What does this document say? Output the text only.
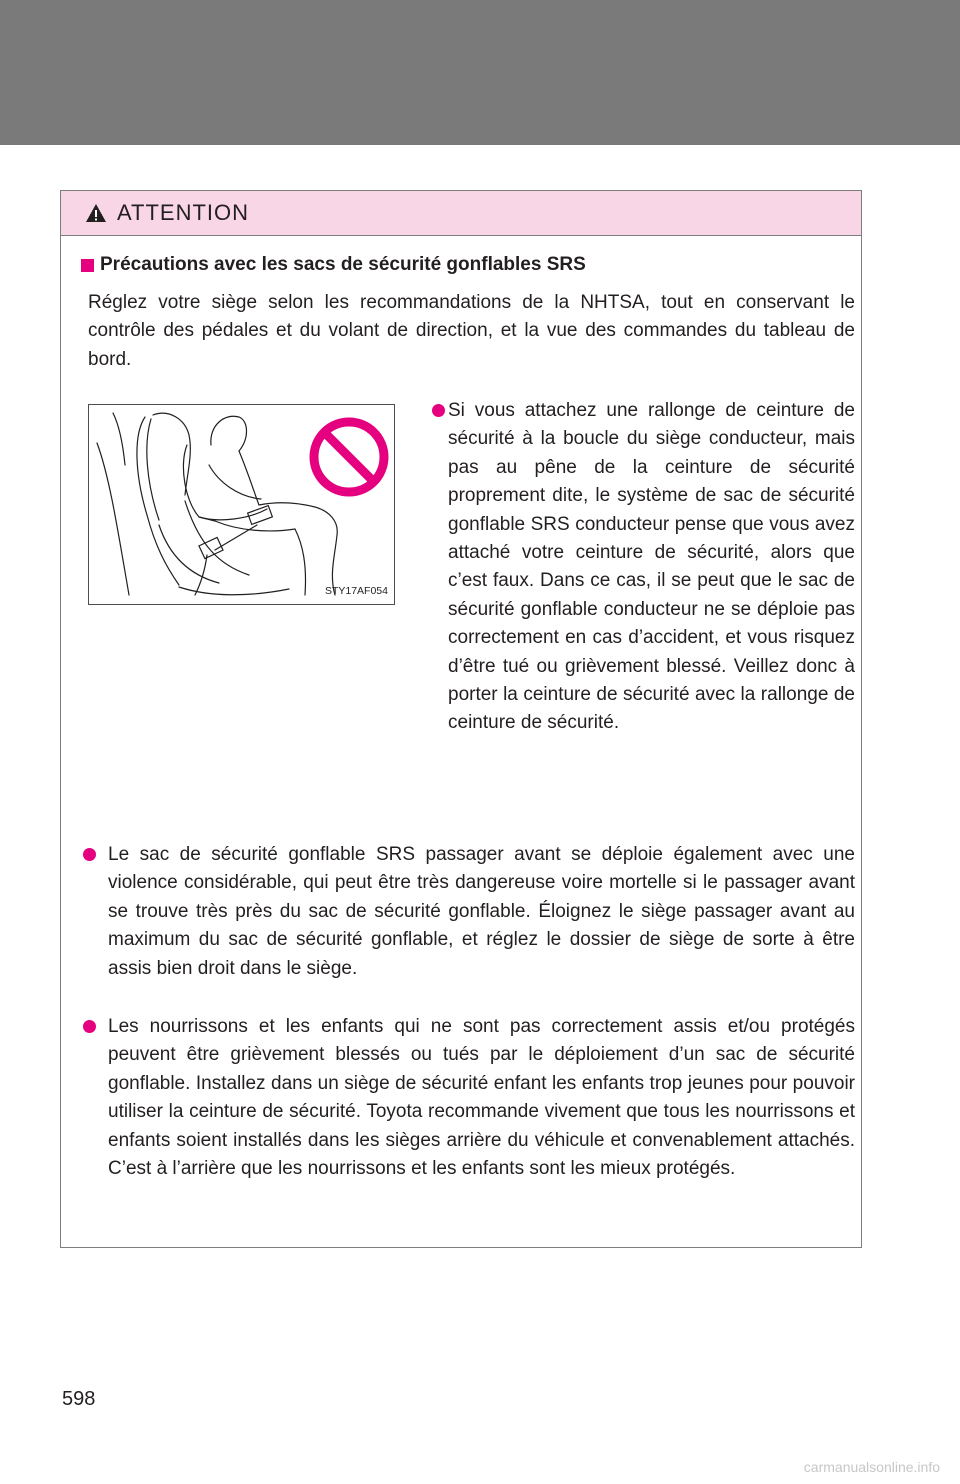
ATTENTION
Précautions avec les sacs de sécurité gonflables SRS
Réglez votre siège selon les recommandations de la NHTSA, tout en conservant le contrôle des pédales et du volant de direction, et la vue des commandes du tableau de bord.
STY17AF054
Si vous attachez une rallonge de ceinture de sécurité à la boucle du siège conducteur, mais pas au pêne de la ceinture de sécurité proprement dite, le système de sac de sécurité gonflable SRS conducteur pense que vous avez attaché votre ceinture de sécurité, alors que c’est faux. Dans ce cas, il se peut que le sac de sécurité gonflable conducteur ne se déploie pas correctement en cas d’accident, et vous risquez d’être tué ou grièvement blessé. Veillez donc à porter la ceinture de sécurité avec la rallonge de ceinture de sécurité.
Le sac de sécurité gonflable SRS passager avant se déploie également avec une violence considérable, qui peut être très dangereuse voire mortelle si le passager avant se trouve très près du sac de sécurité gonflable. Éloignez le siège passager avant au maximum du sac de sécurité gonflable, et réglez le dossier de siège de sorte à être assis bien droit dans le siège.
Les nourrissons et les enfants qui ne sont pas correctement assis et/ou protégés peuvent être grièvement blessés ou tués par le déploiement d’un sac de sécurité gonflable. Installez dans un siège de sécurité enfant les enfants trop jeunes pour pouvoir utiliser la ceinture de sécurité. Toyota recommande vivement que tous les nourrissons et enfants soient installés dans les sièges arrière du véhicule et convenablement attachés. C’est à l’arrière que les nourrissons et les enfants sont les mieux protégés.
598
carmanualsonline.info
